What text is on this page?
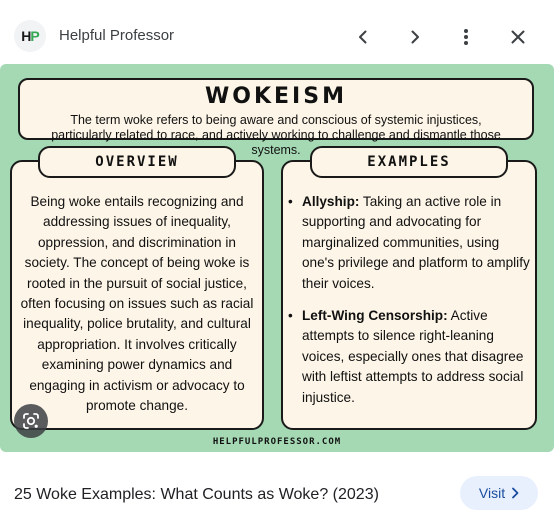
H P Helpful Professor
WOKEISM
The term woke refers to being aware and conscious of systemic injustices, particularly related to race, and actively working to challenge and dismantle those systems.
OVERVIEW	EXAMPLES
Being woke entails recognizing and addressing issues of inequality, oppression, and discrimination in society. The concept of being woke is rooted in the pursuit of social justice, often focusing on issues such as racial inequality, police brutality, and cultural appropriation. It involves critically examining power dynamics and engaging in activism or advocacy to promote change.
• Allyship: Taking an active role in supporting and advocating for marginalized communities, using one's privilege and platform to amplify their voices.
• Left-Wing Censorship: Active attempts to silence right-leaning voices, especially ones that disagree with leftist attempts to address social injustice.
HELPFULPROFESSOR.COM
25 Woke Examples: What Counts as Woke? (2023)	Visit
